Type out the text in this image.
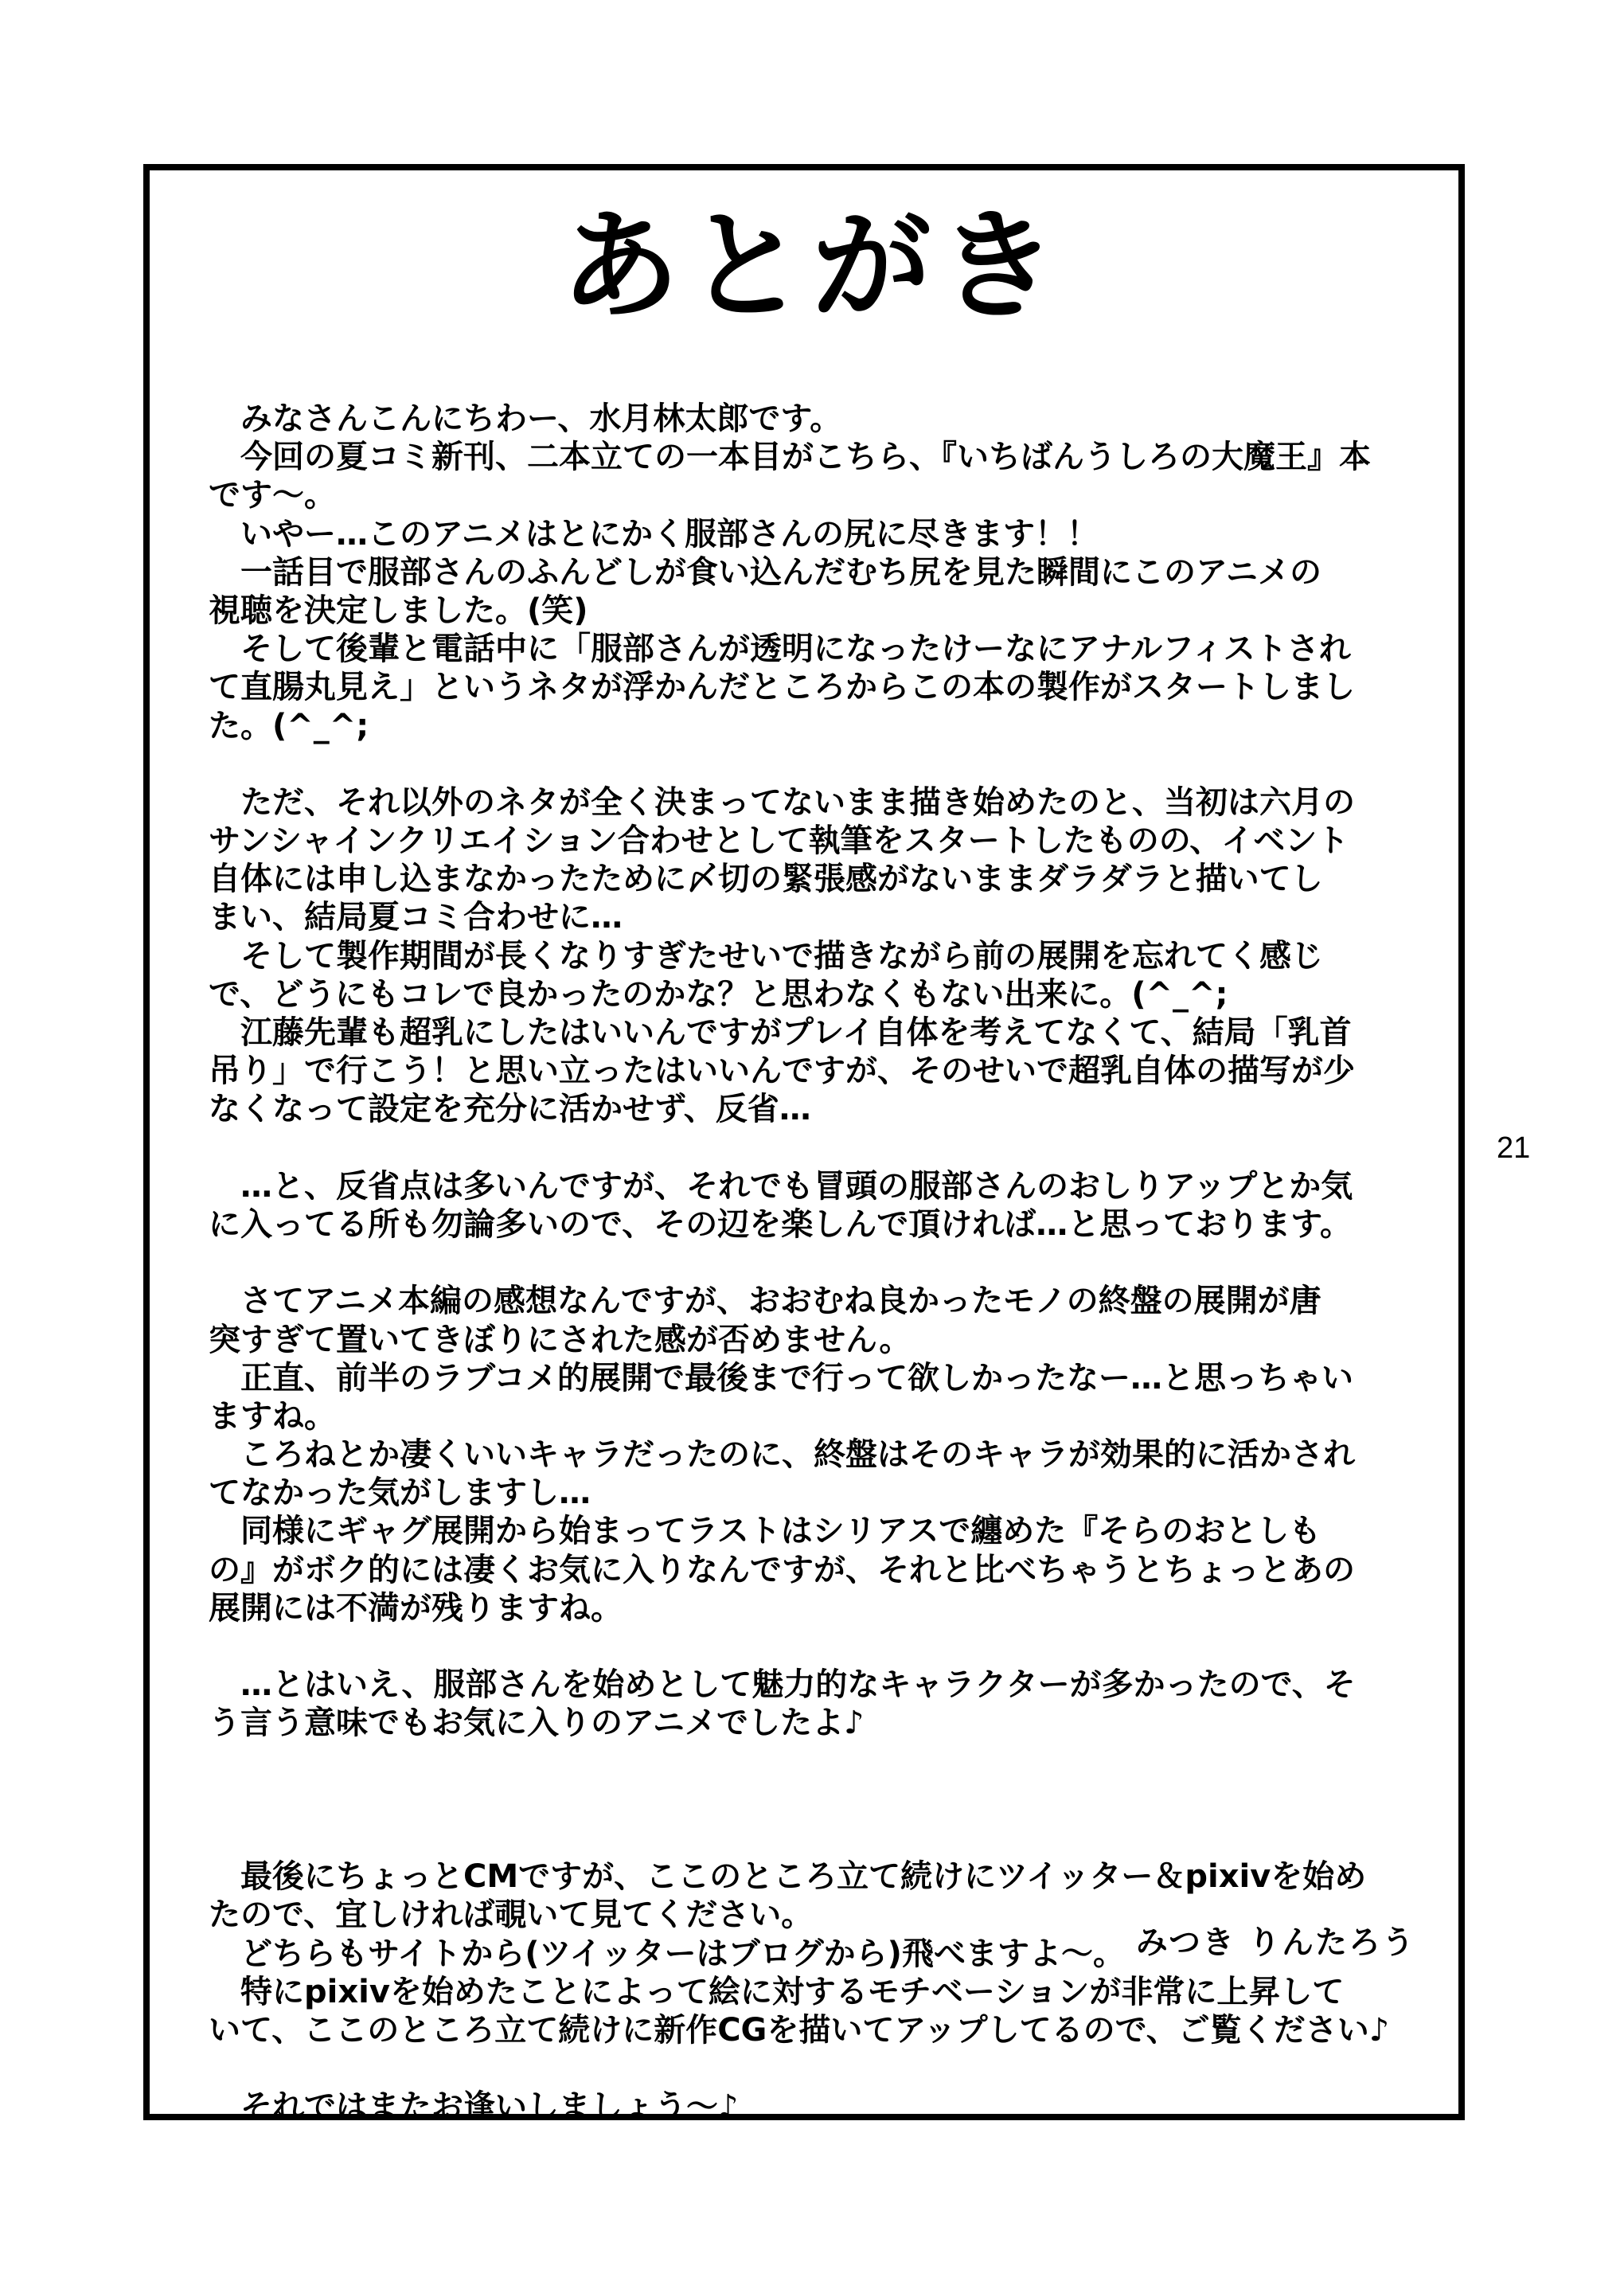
あとがき
　みなさんこんにちわー、水月林太郎です。
　今回の夏コミ新刊、二本立ての一本目がこちら、『いちばんうしろの大魔王』本
です～。
　いやー…このアニメはとにかく服部さんの尻に尽きます！！
　一話目で服部さんのふんどしが食い込んだむち尻を見た瞬間にこのアニメの
視聴を決定しました。(笑)
　そして後輩と電話中に「服部さんが透明になったけーなにアナルフィストされ
て直腸丸見え」というネタが浮かんだところからこの本の製作がスタートしまし
た。(^_^;
　ただ、それ以外のネタが全く決まってないまま描き始めたのと、当初は六月の
サンシャインクリエイション合わせとして執筆をスタートしたものの、イベント
自体には申し込まなかったために〆切の緊張感がないままダラダラと描いてし
まい、結局夏コミ合わせに…
　そして製作期間が長くなりすぎたせいで描きながら前の展開を忘れてく感じ
で、どうにもコレで良かったのかな？と思わなくもない出来に。(^_^;
　江藤先輩も超乳にしたはいいんですがプレイ自体を考えてなくて、結局「乳首
吊り」で行こう！と思い立ったはいいんですが、そのせいで超乳自体の描写が少
なくなって設定を充分に活かせず、反省…
　…と、反省点は多いんですが、それでも冒頭の服部さんのおしりアップとか気
に入ってる所も勿論多いので、その辺を楽しんで頂ければ…と思っております。
　さてアニメ本編の感想なんですが、おおむね良かったモノの終盤の展開が唐
突すぎて置いてきぼりにされた感が否めません。
　正直、前半のラブコメ的展開で最後まで行って欲しかったなー…と思っちゃい
ますね。
　ころねとか凄くいいキャラだったのに、終盤はそのキャラが効果的に活かされ
てなかった気がしますし…
　同様にギャグ展開から始まってラストはシリアスで纏めた『そらのおとしも
の』がボク的には凄くお気に入りなんですが、それと比べちゃうとちょっとあの
展開には不満が残りますね。
　…とはいえ、服部さんを始めとして魅力的なキャラクターが多かったので、そ
う言う意味でもお気に入りのアニメでしたよ♪
　最後にちょっとCMですが、ここのところ立て続けにツイッター＆pixivを始め
たので、宜しければ覗いて見てください。
　どちらもサイトから(ツイッターはブログから)飛べますよ～。
　特にpixivを始めたことによって絵に対するモチベーションが非常に上昇して
いて、ここのところ立て続けに新作CGを描いてアップしてるので、ご覧ください♪
　それではまたお逢いしましょう～♪
21
みつき りんたろう
